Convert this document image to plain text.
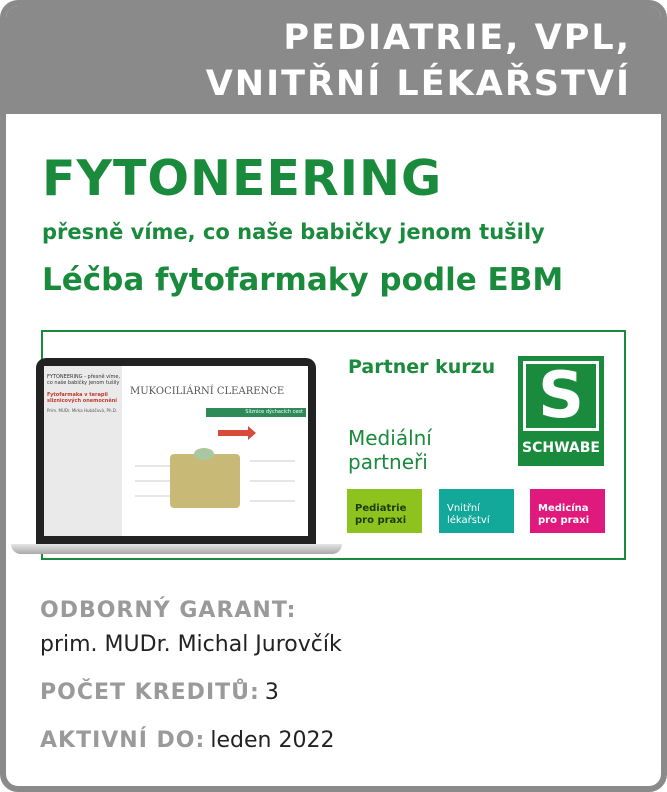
PEDIATRIE, VPL,
VNITŘNÍ LÉKAŘSTVÍ
FYTONEERING
přesně víme, co naše babičky jenom tušily
Léčba fytofarmaky podle EBM
FYTONEERING - přesně víme, co naše babičky jenom tušily
Fytofarmaka v terapii sliznicových onemocnění
Prim. MUDr. Mirka Hubáčová, Ph.D.
MUKOCILIÁRNÍ CLEARENCE
Sliznice dýchacích cest
Partner kurzu
Mediální partneři
S
SCHWABE
Pediatrie
pro praxi
Vnitřní
lékařství
Medicína
pro praxi
ODBORNÝ GARANT:
prim. MUDr. Michal Jurovčík
POČET KREDITŮ: 3
AKTIVNÍ DO: leden 2022
